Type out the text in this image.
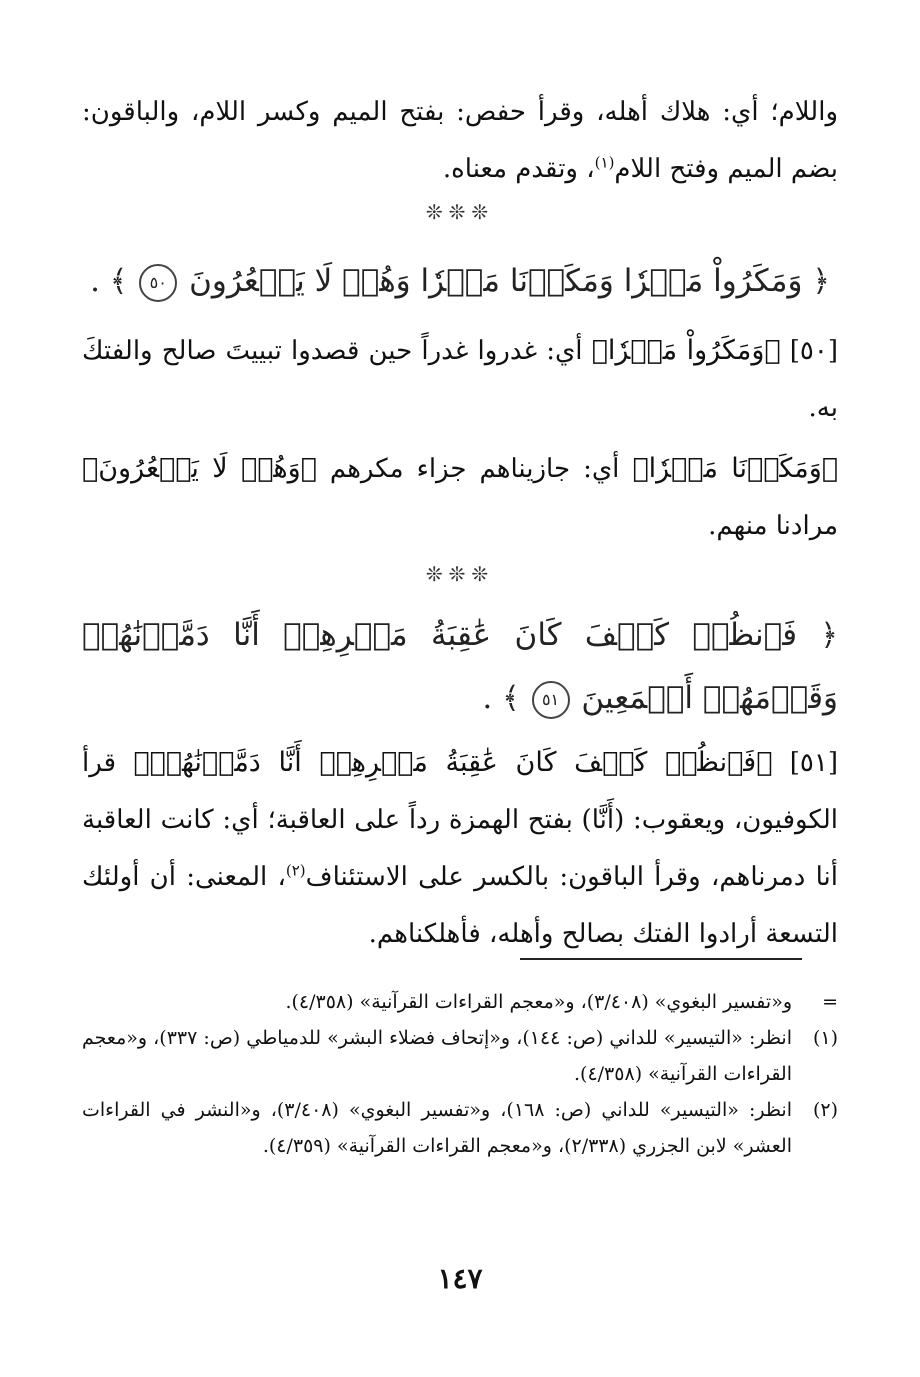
واللام؛ أي: هلاك أهله، وقرأ حفص: بفتح الميم وكسر اللام، والباقون: بضم الميم وفتح اللام$^{(١)}$، وتقدم معناه.
❊❊❊
﴿ وَمَكَرُواْ مَكۡرٗا وَمَكَرۡنَا مَكۡرٗا وَهُمۡ لَا يَشۡعُرُونَ ٥٠ ﴾ .
[٥٠] ﴿وَمَكَرُواْ مَكۡرٗا﴾ أي: غدروا غدراً حين قصدوا تبييتَ صالح والفتكَ به.
﴿وَمَكَرۡنَا مَكۡرٗا﴾ أي: جازيناهم جزاء مكرهم ﴿وَهُمۡ لَا يَشۡعُرُونَ﴾ مرادنا منهم.
❊❊❊
﴿ فَٱنظُرۡ كَيۡفَ كَانَ عَٰقِبَةُ مَكۡرِهِمۡ أَنَّا دَمَّرۡنَٰهُمۡ وَقَوۡمَهُمۡ أَجۡمَعِينَ ٥١ ﴾ .
[٥١] ﴿فَٱنظُرۡ كَيۡفَ كَانَ عَٰقِبَةُ مَكۡرِهِمۡ أَنَّا دَمَّرۡنَٰهُمۡ﴾ قرأ الكوفيون، ويعقوب: (أَنَّا) بفتح الهمزة رداً على العاقبة؛ أي: كانت العاقبة أنا دمرناهم، وقرأ الباقون: بالكسر على الاستئناف$^{(٢)}$، المعنى: أن أولئك التسعة أرادوا الفتك بصالح وأهله، فأهلكناهم.
=
و«تفسير البغوي» (٣/٤٠٨)، و«معجم القراءات القرآنية» (٤/٣٥٨).
(١)
انظر: «التيسير» للداني (ص: ١٤٤)، و«إتحاف فضلاء البشر» للدمياطي (ص: ٣٣٧)، و«معجم القراءات القرآنية» (٤/٣٥٨).
(٢)
انظر: «التيسير» للداني (ص: ١٦٨)، و«تفسير البغوي» (٣/٤٠٨)، و«النشر في القراءات العشر» لابن الجزري (٢/٣٣٨)، و«معجم القراءات القرآنية» (٤/٣٥٩).
١٤٧
